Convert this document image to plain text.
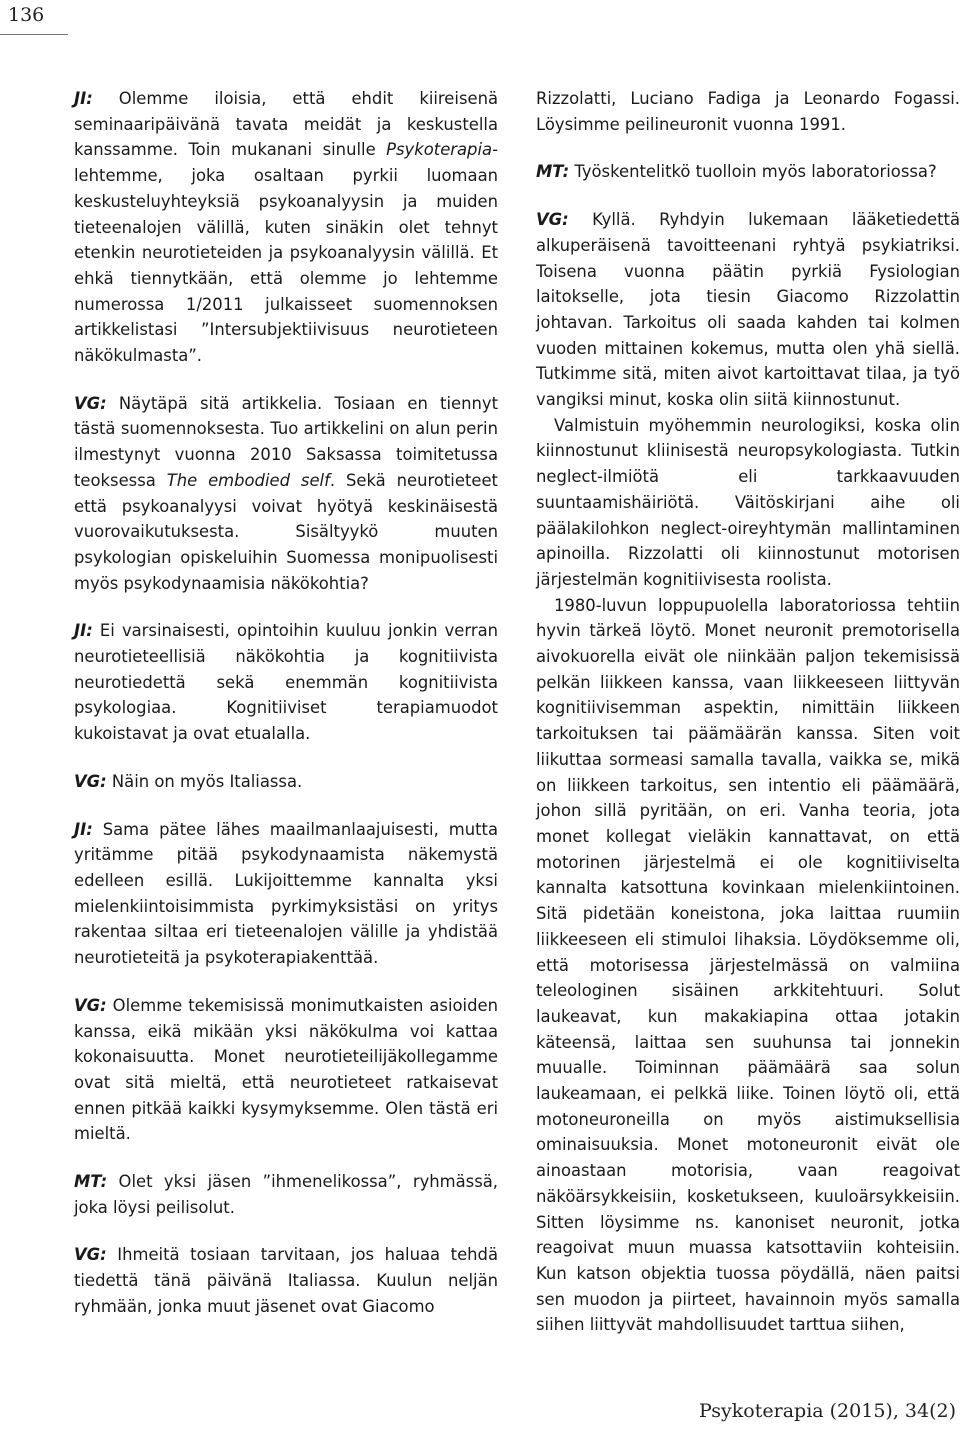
136

JI: Olemme iloisia, että ehdit kiireisenä seminaaripäivänä tavata meidät ja keskustella kanssamme. Toin mukanani sinulle Psykoterapia-lehtemme, joka osaltaan pyrkii luomaan keskusteluyhteyksiä psykoanalyysin ja muiden tieteenalojen välillä, kuten sinäkin olet tehnyt etenkin neurotieteiden ja psykoanalyysin välillä. Et ehkä tiennytkään, että olemme jo lehtemme numerossa 1/2011 julkaisseet suomennoksen artikkelistasi ”Intersubjektiivisuus neurotieteen näkökulmasta”.

VG: Näytäpä sitä artikkelia. Tosiaan en tiennyt tästä suomennoksesta. Tuo artikkelini on alun perin ilmestynyt vuonna 2010 Saksassa toimitetussa teoksessa The embodied self. Sekä neurotieteet että psykoanalyysi voivat hyötyä keskinäisestä vuorovaikutuksesta. Sisältyykö muuten psykologian opiskeluihin Suomessa monipuolisesti myös psykodynaamisia näkökohtia?

JI: Ei varsinaisesti, opintoihin kuuluu jonkin verran neurotieteellisiä näkökohtia ja kognitiivista neurotiedettä sekä enemmän kognitiivista psykologiaa. Kognitiiviset terapiamuodot kukoistavat ja ovat etualalla.

VG: Näin on myös Italiassa.

JI: Sama pätee lähes maailmanlaajuisesti, mutta yritämme pitää psykodynaamista näkemystä edelleen esillä. Lukijoittemme kannalta yksi mielenkiintoisimmista pyrkimyksistäsi on yritys rakentaa siltaa eri tieteenalojen välille ja yhdistää neurotieteitä ja psykoterapiakenttää.

VG: Olemme tekemisissä monimutkaisten asioiden kanssa, eikä mikään yksi näkökulma voi kattaa kokonaisuutta. Monet neurotieteilijäkollegamme ovat sitä mieltä, että neurotieteet ratkaisevat ennen pitkää kaikki kysymyksemme. Olen tästä eri mieltä.

MT: Olet yksi jäsen ”ihmenelikossa”, ryhmässä, joka löysi peilisolut.

VG: Ihmeitä tosiaan tarvitaan, jos haluaa tehdä tiedettä tänä päivänä Italiassa. Kuulun neljän ryhmään, jonka muut jäsenet ovat Giacomo

Rizzolatti, Luciano Fadiga ja Leonardo Fogassi. Löysimme peilineuronit vuonna 1991.

MT: Työskentelitkö tuolloin myös laboratoriossa?

VG: Kyllä. Ryhdyin lukemaan lääketiedettä alkuperäisenä tavoitteenani ryhtyä psykiatriksi. Toisena vuonna päätin pyrkiä Fysiologian laitokselle, jota tiesin Giacomo Rizzolattin johtavan. Tarkoitus oli saada kahden tai kolmen vuoden mittainen kokemus, mutta olen yhä siellä. Tutkimme sitä, miten aivot kartoittavat tilaa, ja työ vangiksi minut, koska olin siitä kiinnostunut.

Valmistuin myöhemmin neurologiksi, koska olin kiinnostunut kliinisestä neuropsykologiasta. Tutkin neglect-ilmiötä eli tarkkaavuuden suuntaamishäiriötä. Väitöskirjani aihe oli päälakilohkon neglect-oireyhtymän mallintaminen apinoilla. Rizzolatti oli kiinnostunut motorisen järjestelmän kognitiivisesta roolista.

1980-luvun loppupuolella laboratoriossa tehtiin hyvin tärkeä löytö. Monet neuronit premotorisella aivokuorella eivät ole niinkään paljon tekemisissä pelkän liikkeen kanssa, vaan liikkeeseen liittyvän kognitiivisemman aspektin, nimittäin liikkeen tarkoituksen tai päämäärän kanssa. Siten voit liikuttaa sormeasi samalla tavalla, vaikka se, mikä on liikkeen tarkoitus, sen intentio eli päämäärä, johon sillä pyritään, on eri. Vanha teoria, jota monet kollegat vieläkin kannattavat, on että motorinen järjestelmä ei ole kognitiiviselta kannalta katsottuna kovinkaan mielenkiintoinen. Sitä pidetään koneistona, joka laittaa ruumiin liikkeeseen eli stimuloi lihaksia. Löydöksemme oli, että motorisessa järjestelmässä on valmiina teleologinen sisäinen arkkitehtuuri. Solut laukeavat, kun makakiapina ottaa jotakin käteensä, laittaa sen suuhunsa tai jonnekin muualle. Toiminnan päämäärä saa solun laukeamaan, ei pelkkä liike. Toinen löytö oli, että motoneuroneilla on myös aistimuksellisia ominaisuuksia. Monet motoneuronit eivät ole ainoastaan motorisia, vaan reagoivat näköärsykkeisiin, kosketukseen, kuuloärsykkeisiin. Sitten löysimme ns. kanoniset neuronit, jotka reagoivat muun muassa katsottaviin kohteisiin. Kun katson objektia tuossa pöydällä, näen paitsi sen muodon ja piirteet, havainnoin myös samalla siihen liittyvät mahdollisuudet tarttua siihen,

Psykoterapia (2015), 34(2)
